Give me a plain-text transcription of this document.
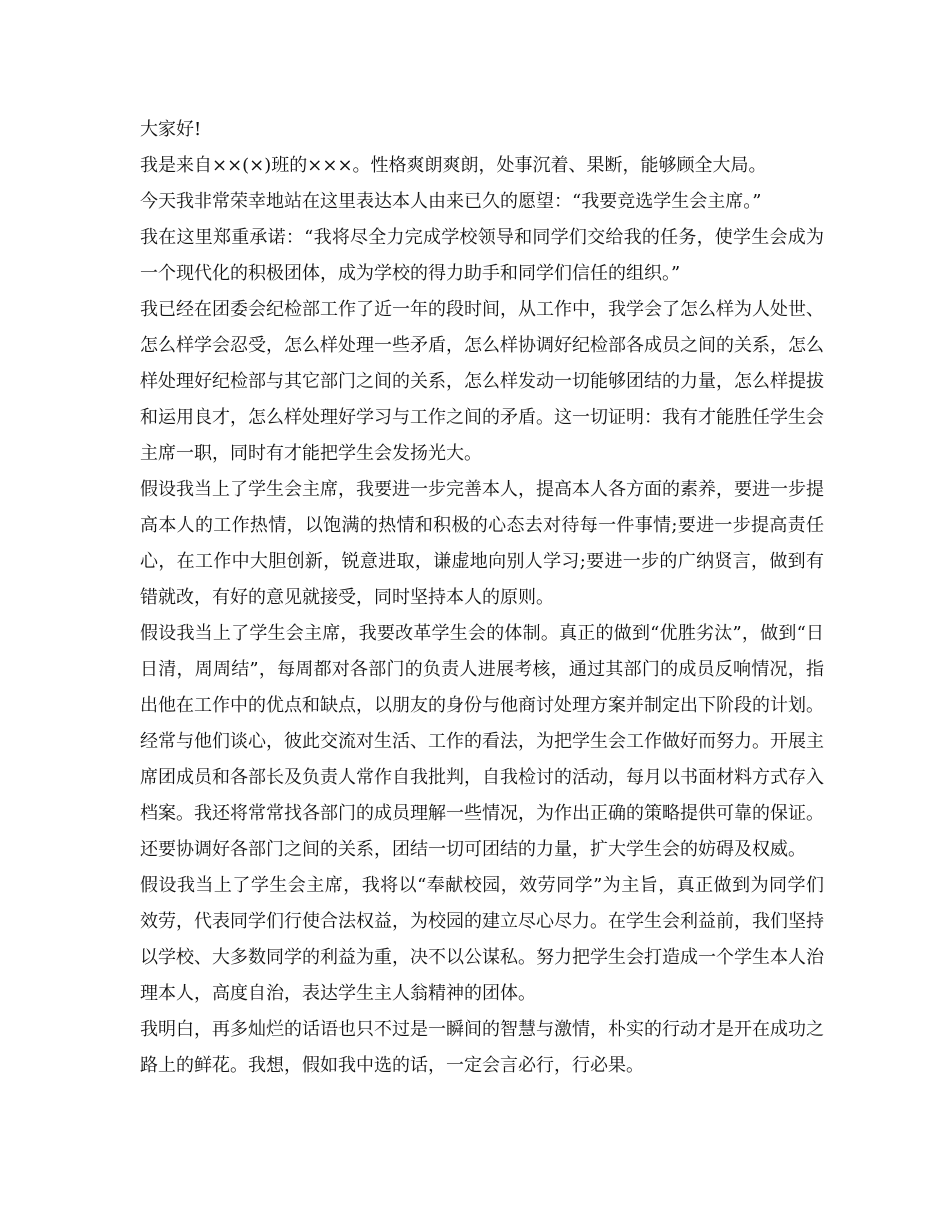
大家好!

我是来自××(×)班的×××。性格爽朗爽朗，处事沉着、果断，能够顾全大局。

今天我非常荣幸地站在这里表达本人由来已久的愿望：“我要竞选学生会主席。”

我在这里郑重承诺：“我将尽全力完成学校领导和同学们交给我的任务，使学生会成为一个现代化的积极团体，成为学校的得力助手和同学们信任的组织。”

我已经在团委会纪检部工作了近一年的段时间，从工作中，我学会了怎么样为人处世、怎么样学会忍受，怎么样处理一些矛盾，怎么样协调好纪检部各成员之间的关系，怎么样处理好纪检部与其它部门之间的关系，怎么样发动一切能够团结的力量，怎么样提拔和运用良才，怎么样处理好学习与工作之间的矛盾。这一切证明：我有才能胜任学生会主席一职，同时有才能把学生会发扬光大。

假设我当上了学生会主席，我要进一步完善本人，提高本人各方面的素养，要进一步提高本人的工作热情，以饱满的热情和积极的心态去对待每一件事情;要进一步提高责任心，在工作中大胆创新，锐意进取，谦虚地向别人学习;要进一步的广纳贤言，做到有错就改，有好的意见就接受，同时坚持本人的原则。

假设我当上了学生会主席，我要改革学生会的体制。真正的做到“优胜劣汰”，做到“日日清，周周结”，每周都对各部门的负责人进展考核，通过其部门的成员反响情况，指出他在工作中的优点和缺点，以朋友的身份与他商讨处理方案并制定出下阶段的计划。经常与他们谈心，彼此交流对生活、工作的看法，为把学生会工作做好而努力。开展主席团成员和各部长及负责人常作自我批判，自我检讨的活动，每月以书面材料方式存入档案。我还将常常找各部门的成员理解一些情况，为作出正确的策略提供可靠的保证。还要协调好各部门之间的关系，团结一切可团结的力量，扩大学生会的妨碍及权威。

假设我当上了学生会主席，我将以“奉献校园，效劳同学”为主旨，真正做到为同学们效劳，代表同学们行使合法权益，为校园的建立尽心尽力。在学生会利益前，我们坚持以学校、大多数同学的利益为重，决不以公谋私。努力把学生会打造成一个学生本人治理本人，高度自治，表达学生主人翁精神的团体。

我明白，再多灿烂的话语也只不过是一瞬间的智慧与激情，朴实的行动才是开在成功之路上的鲜花。我想，假如我中选的话，一定会言必行，行必果。
